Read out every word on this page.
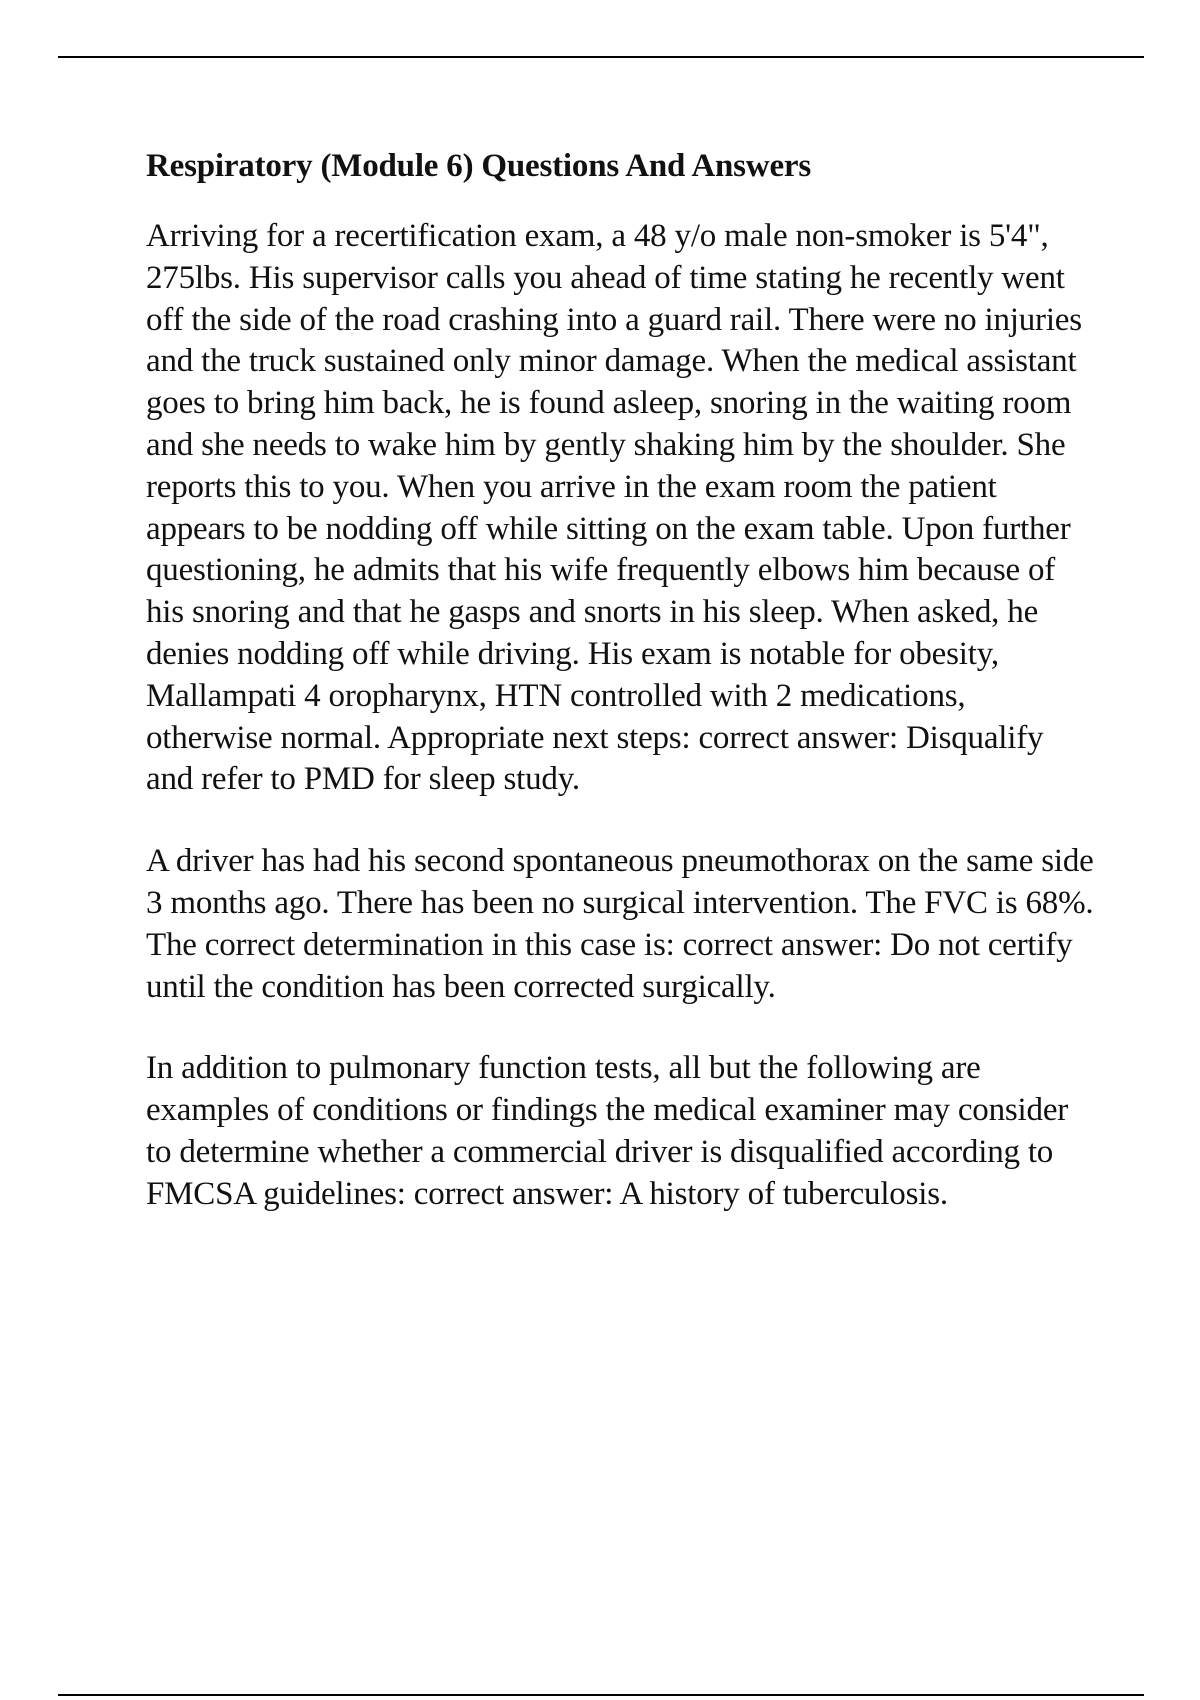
Respiratory (Module 6) Questions And Answers

Arriving for a recertification exam, a 48 y/o male non-smoker is 5'4", 275lbs. His supervisor calls you ahead of time stating he recently went off the side of the road crashing into a guard rail. There were no injuries and the truck sustained only minor damage. When the medical assistant goes to bring him back, he is found asleep, snoring in the waiting room and she needs to wake him by gently shaking him by the shoulder. She reports this to you. When you arrive in the exam room the patient appears to be nodding off while sitting on the exam table. Upon further questioning, he admits that his wife frequently elbows him because of his snoring and that he gasps and snorts in his sleep. When asked, he denies nodding off while driving. His exam is notable for obesity, Mallampati 4 oropharynx, HTN controlled with 2 medications, otherwise normal. Appropriate next steps: correct answer: Disqualify and refer to PMD for sleep study.

A driver has had his second spontaneous pneumothorax on the same side 3 months ago. There has been no surgical intervention. The FVC is 68%. The correct determination in this case is: correct answer: Do not certify until the condition has been corrected surgically.

In addition to pulmonary function tests, all but the following are examples of conditions or findings the medical examiner may consider to determine whether a commercial driver is disqualified according to FMCSA guidelines: correct answer: A history of tuberculosis.
